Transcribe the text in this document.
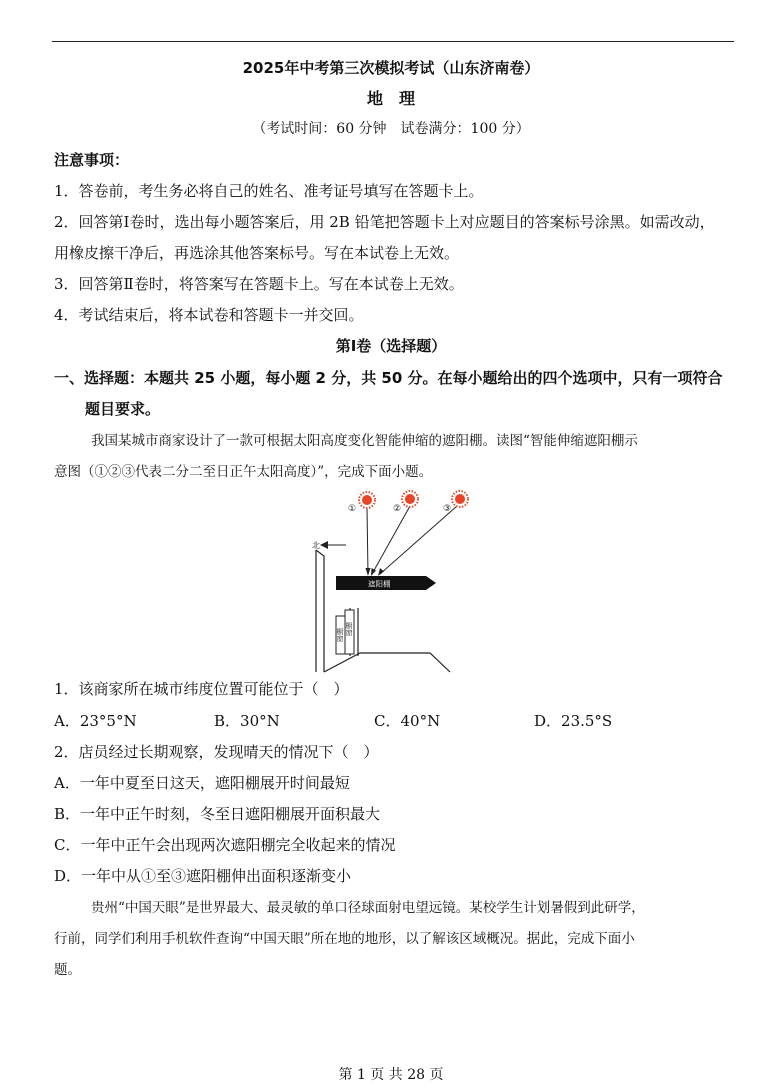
2025年中考第三次模拟考试（山东济南卷）
地　理
（考试时间：60 分钟　试卷满分：100 分）
注意事项：
1．答卷前，考生务必将自己的姓名、准考证号填写在答题卡上。
2．回答第Ⅰ卷时，选出每小题答案后，用 2B 铅笔把答题卡上对应题目的答案标号涂黑。如需改动，
用橡皮擦干净后，再选涂其他答案标号。写在本试卷上无效。
3．回答第Ⅱ卷时，将答案写在答题卡上。写在本试卷上无效。
4．考试结束后，将本试卷和答题卡一并交回。
第Ⅰ卷（选择题）
一、选择题：本题共 25 小题，每小题 2 分，共 50 分。在每小题给出的四个选项中，只有一项符合
题目要求。
我国某城市商家设计了一款可根据太阳高度变化智能伸缩的遮阳棚。读图“智能伸缩遮阳棚示
意图（①②③代表二分二至日正午太阳高度）”，完成下面小题。
橱窗 橱窗
北
遮阳棚
①	②	③
1．该商家所在城市纬度位置可能位于（　）
A．23°5°N	B．30°N	C．40°N	D．23.5°S
2．店员经过长期观察，发现晴天的情况下（　）
A．一年中夏至日这天，遮阳棚展开时间最短
B．一年中正午时刻，冬至日遮阳棚展开面积最大
C．一年中正午会出现两次遮阳棚完全收起来的情况
D．一年中从①至③遮阳棚伸出面积逐渐变小
贵州“中国天眼”是世界最大、最灵敏的单口径球面射电望远镜。某校学生计划暑假到此研学，
行前，同学们利用手机软件查询“中国天眼”所在地的地形，以了解该区域概况。据此，完成下面小
题。
第 1 页 共 28 页
